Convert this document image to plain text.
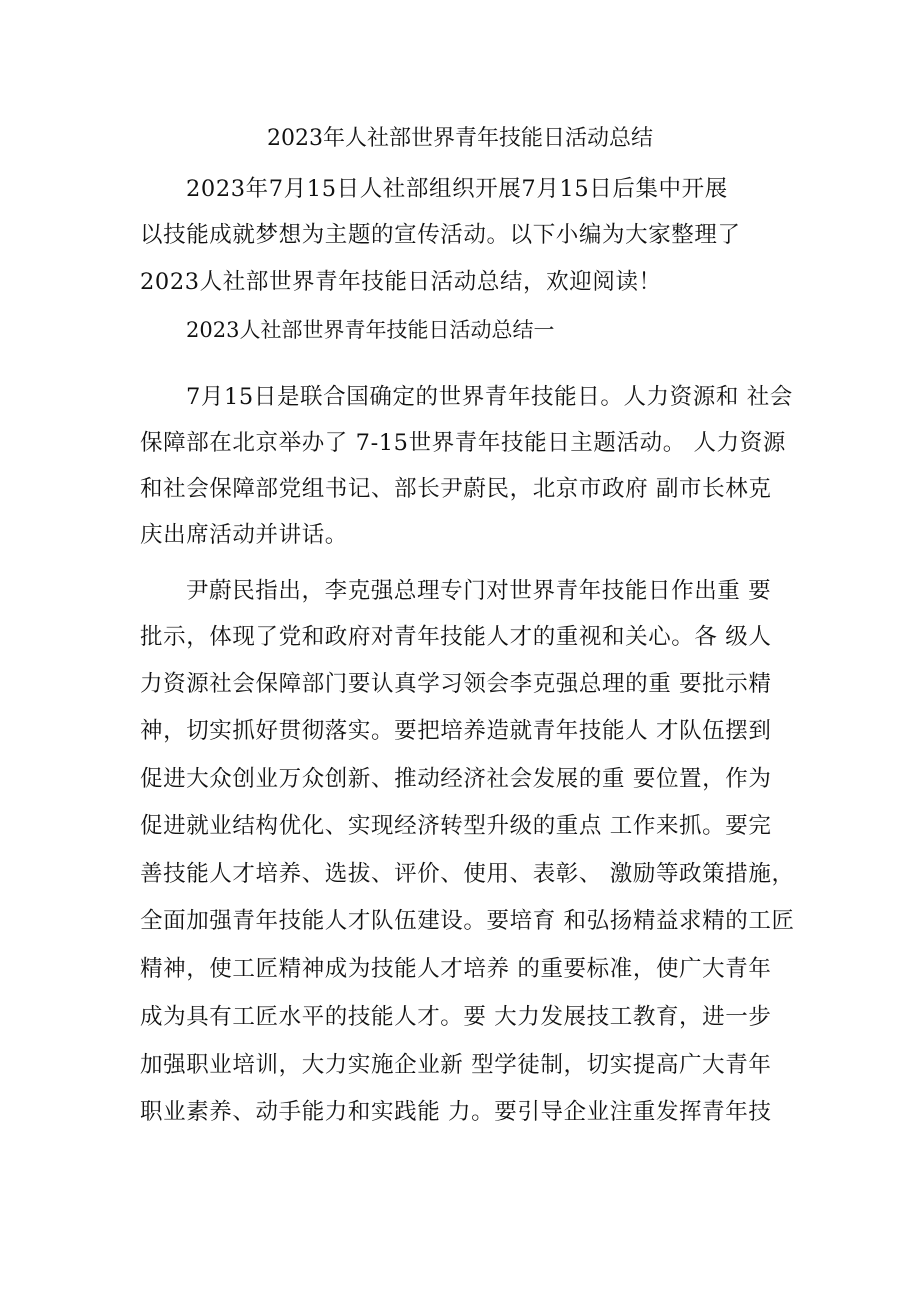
2023年人社部世界青年技能日活动总结
2023年7月15日人社部组织开展7月15日后集中开展
以技能成就梦想为主题的宣传活动。以下小编为大家整理了
2023人社部世界青年技能日活动总结，欢迎阅读！
2023人社部世界青年技能日活动总结一
7月15日是联合国确定的世界青年技能日。人力资源和 社会
保障部在北京举办了 7-15世界青年技能日主题活动。 人力资源
和社会保障部党组书记、部长尹蔚民，北京市政府 副市长林克
庆出席活动并讲话。
尹蔚民指出，李克强总理专门对世界青年技能日作出重 要
批示，体现了党和政府对青年技能人才的重视和关心。各 级人
力资源社会保障部门要认真学习领会李克强总理的重 要批示精
神，切实抓好贯彻落实。要把培养造就青年技能人 才队伍摆到
促进大众创业万众创新、推动经济社会发展的重 要位置，作为
促进就业结构优化、实现经济转型升级的重点 工作来抓。要完
善技能人才培养、选拔、评价、使用、表彰、 激励等政策措施，
全面加强青年技能人才队伍建设。要培育 和弘扬精益求精的工匠
精神，使工匠精神成为技能人才培养 的重要标准，使广大青年
成为具有工匠水平的技能人才。要 大力发展技工教育，进一步
加强职业培训，大力实施企业新 型学徒制，切实提高广大青年
职业素养、动手能力和实践能 力。要引导企业注重发挥青年技
